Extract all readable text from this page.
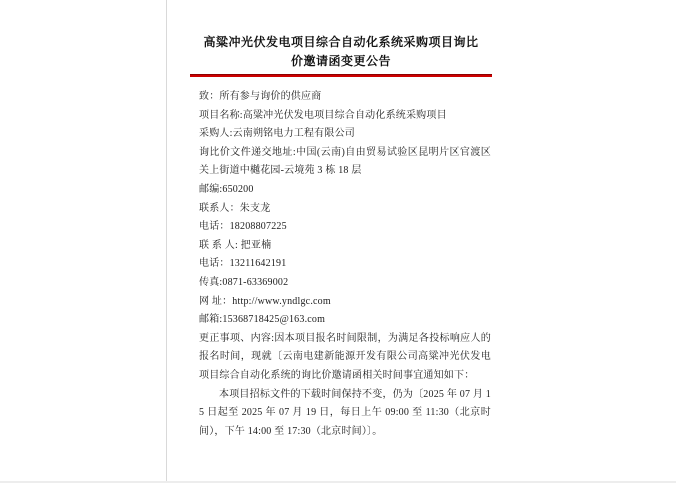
高粱冲光伏发电项目综合自动化系统采购项目询比
价邀请函变更公告

致：所有参与询价的供应商

项目名称:高粱冲光伏发电项目综合自动化系统采购项目

采购人:云南朔铭电力工程有限公司

询比价文件递交地址:中国(云南)自由贸易试验区昆明片区官渡区关上街道中樾花园-云境苑 3 栋 18 层

邮编:650200

联系人：朱支龙

电话：18208807225

联 系 人: 把亚楠

电话：13211642191

传真:0871-63369002

网 址：http://www.yndlgc.com

邮箱:15368718425@163.com

更正事项、内容:因本项目报名时间限制，为满足各投标响应人的报名时间，现就〔云南电建新能源开发有限公司高粱冲光伏发电项目综合自动化系统的询比价邀请函相关时间事宜通知如下：

本项目招标文件的下载时间保持不变，仍为〔2025 年 07 月 15 日起至 2025 年 07 月 19 日，每日上午 09:00 至 11:30（北京时间），下午 14:00 至 17:30（北京时间）〕。
